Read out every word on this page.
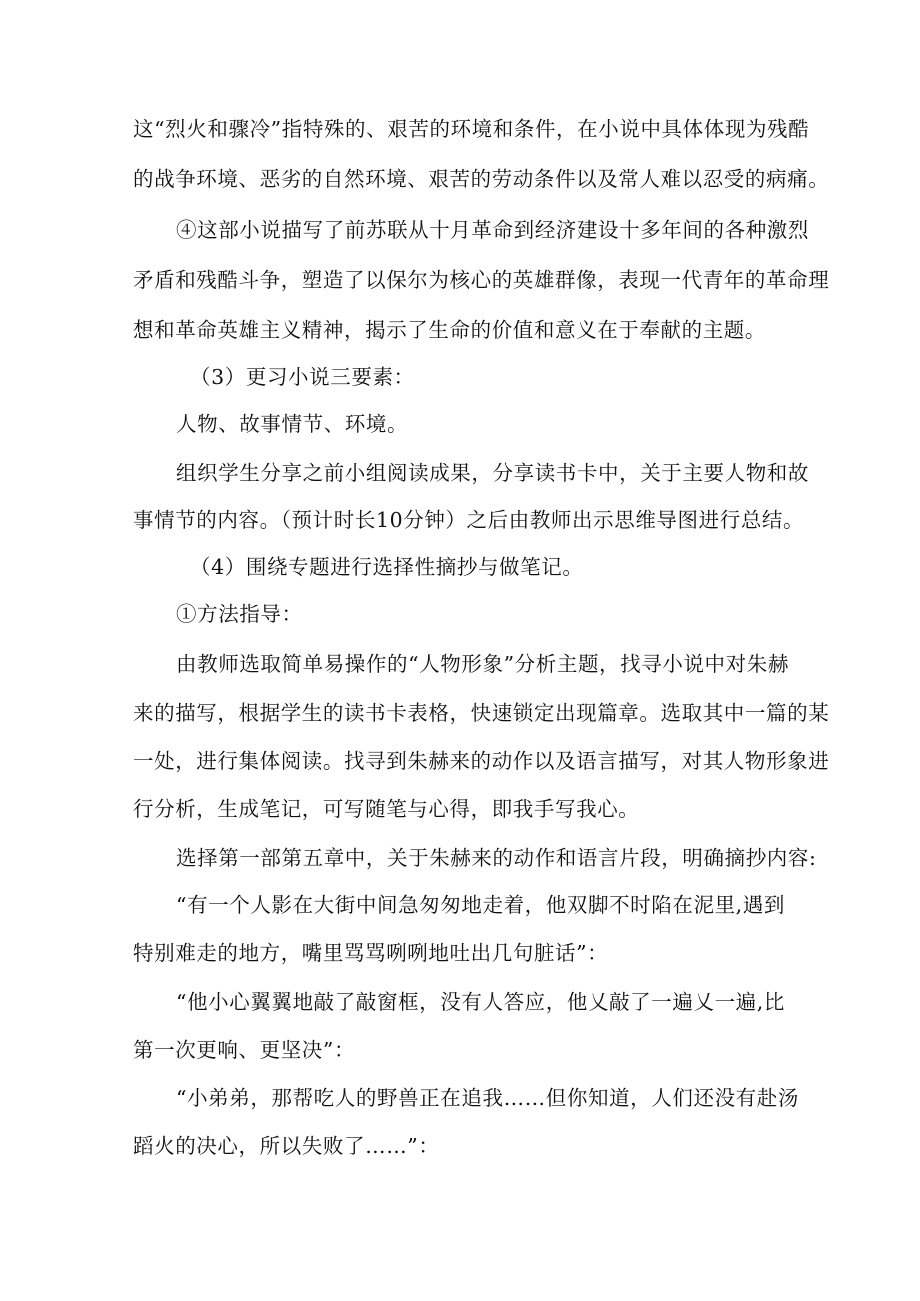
这“烈火和骤冷”指特殊的、艰苦的环境和条件，在小说中具体体现为残酷
的战争环境、恶劣的自然环境、艰苦的劳动条件以及常人难以忍受的病痛。
④这部小说描写了前苏联从十月革命到经济建设十多年间的各种激烈
矛盾和残酷斗争，塑造了以保尔为核心的英雄群像，表现一代青年的革命理
想和革命英雄主义精神，揭示了生命的价值和意义在于奉献的主题。
（3）更习小说三要素：
人物、故事情节、环境。
组织学生分享之前小组阅读成果，分享读书卡中，关于主要人物和故
事情节的内容。（预计时长10分钟）之后由教师出示思维导图进行总结。
（4）围绕专题进行选择性摘抄与做笔记。
①方法指导：
由教师选取简单易操作的“人物形象”分析主题，找寻小说中对朱赫
来的描写，根据学生的读书卡表格，快速锁定出现篇章。选取其中一篇的某
一处，进行集体阅读。找寻到朱赫来的动作以及语言描写，对其人物形象进
行分析，生成笔记，可写随笔与心得，即我手写我心。
选择第一部第五章中，关于朱赫来的动作和语言片段，明确摘抄内容:
“有一个人影在大街中间急匆匆地走着，他双脚不时陷在泥里,遇到
特别难走的地方，嘴里骂骂咧咧地吐出几句脏话”：
“他小心翼翼地敲了敲窗框，没有人答应，他乂敲了一遍乂一遍,比
第一次更响、更坚决”：
“小弟弟，那帮吃人的野兽正在追我……但你知道，人们还没有赴汤
蹈火的决心，所以失败了……”：
